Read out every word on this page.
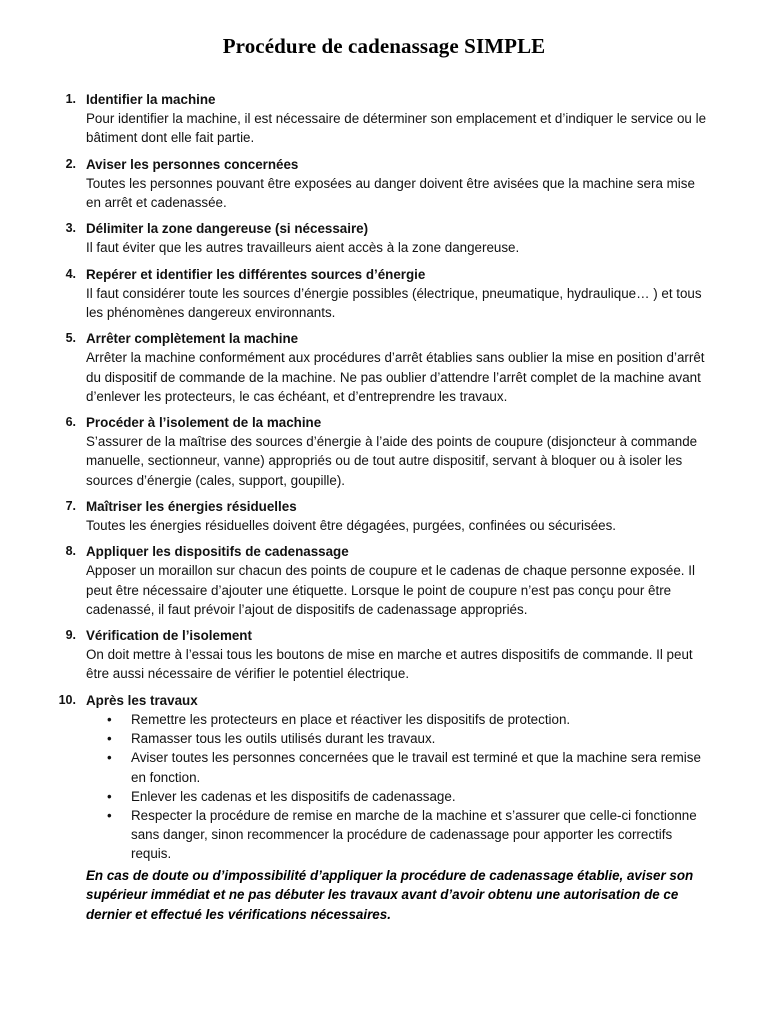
Procédure de cadenassage SIMPLE
1. Identifier la machine
Pour identifier la machine, il est nécessaire de déterminer son emplacement et d’indiquer le service ou le bâtiment dont elle fait partie.
2. Aviser les personnes concernées
Toutes les personnes pouvant être exposées au danger doivent être avisées que la machine sera mise en arrêt et cadenassée.
3. Délimiter la zone dangereuse (si nécessaire)
Il faut éviter que les autres travailleurs aient accès à la zone dangereuse.
4. Repérer et identifier les différentes sources d’énergie
Il faut considérer toute les sources d’énergie possibles (électrique, pneumatique, hydraulique… ) et tous les phénomènes dangereux environnants.
5. Arrêter complètement la machine
Arrêter la machine conformément aux procédures d’arrêt établies sans oublier la mise en position d’arrêt du dispositif de commande de la machine. Ne pas oublier d’attendre l’arrêt complet de la machine avant d’enlever les protecteurs, le cas échéant, et d’entreprendre les travaux.
6. Procéder à l’isolement de la machine
S’assurer de la maîtrise des sources d’énergie à l’aide des points de coupure (disjoncteur à commande manuelle, sectionneur, vanne) appropriés ou de tout autre dispositif, servant à bloquer ou à isoler les sources d’énergie (cales, support, goupille).
7. Maîtriser les énergies résiduelles
Toutes les énergies résiduelles doivent être dégagées, purgées, confinées ou sécurisées.
8. Appliquer les dispositifs de cadenassage
Apposer un moraillon sur chacun des points de coupure et le cadenas de chaque personne exposée. Il peut être nécessaire d’ajouter une étiquette. Lorsque le point de coupure n’est pas conçu pour être cadenassé, il faut prévoir l’ajout de dispositifs de cadenassage appropriés.
9. Vérification de l’isolement
On doit mettre à l’essai tous les boutons de mise en marche et autres dispositifs de commande. Il peut être aussi nécessaire de vérifier le potentiel électrique.
10. Après les travaux
• Remettre les protecteurs en place et réactiver les dispositifs de protection.
• Ramasser tous les outils utilisés durant les travaux.
• Aviser toutes les personnes concernées que le travail est terminé et que la machine sera remise en fonction.
• Enlever les cadenas et les dispositifs de cadenassage.
• Respecter la procédure de remise en marche de la machine et s’assurer que celle-ci fonctionne sans danger, sinon recommencer la procédure de cadenassage pour apporter les correctifs requis.
En cas de doute ou d’impossibilité d’appliquer la procédure de cadenassage établie, aviser son supérieur immédiat et ne pas débuter les travaux avant d’avoir obtenu une autorisation de ce dernier et effectué les vérifications nécessaires.
